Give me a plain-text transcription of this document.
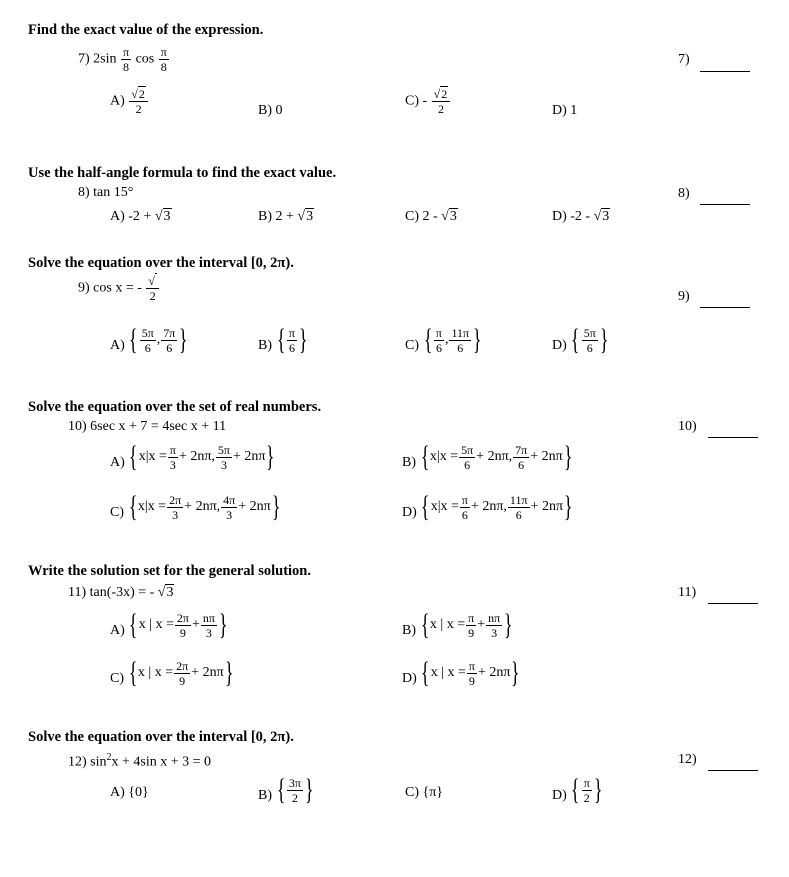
Find the exact value of the expression.
Use the half-angle formula to find the exact value.
Solve the equation over the interval [0, 2π).
Solve the equation over the set of real numbers.
Write the solution set for the general solution.
Solve the equation over the interval [0, 2π).
7)
8)
9)
10)
11)
12)
7) $2\sin \frac{\pi}{8}$ $\cos \frac{\pi}{8}$
$A) \frac{√2}{2}$	B) 0
$C) - \frac{√2}{2}$	D) 1
8) tan 15°
A) -2 + √3	B) 2 + √3	C) 2 - √3	D) -2 - √3
9) cos x = - $\frac{√}{2}$
A) { $\frac{5\pi}{6}$ , $\frac{7\pi}{6}$ }	B) { $\frac{\pi}{6}$ }	C) { $\frac{\pi}{6}$ , $\frac{11\pi}{6}$ }	D) { $\frac{5\pi}{6}$ }
10) 6sec x + 7 = 4sec x + 11
A) { $x|x = \frac{\pi}{3} + 2n\pi$, $\frac{5\pi}{3} + 2n\pi$ }	B) { $x|x = \frac{5\pi}{6} + 2n\pi$, $\frac{7\pi}{6} + 2n\pi$ }
C) { $x|x = \frac{2\pi}{3} + 2n\pi$, $\frac{4\pi}{3} + 2n\pi$ }	D) { $x|x = \frac{\pi}{6} + 2n\pi$, $\frac{11\pi}{6} + 2n\pi$ }
11) tan(-3x) = - √3
A) { x | $x = \frac{2\pi}{9} + \frac{n\pi}{3}$ }	B) { x | $x = \frac{\pi}{9} + \frac{n\pi}{3}$ }
C) { x | $x = \frac{2\pi}{9} + 2n\pi$ }	D) { x | $x = \frac{\pi}{9} + 2n\pi$ }
12) $\sin^2x + 4\sin$ x + 3 = 0
A) {0}	B) { $\frac{3\pi}{2}$ }	C) {π}	D) { $\frac{\pi}{2}$ }
